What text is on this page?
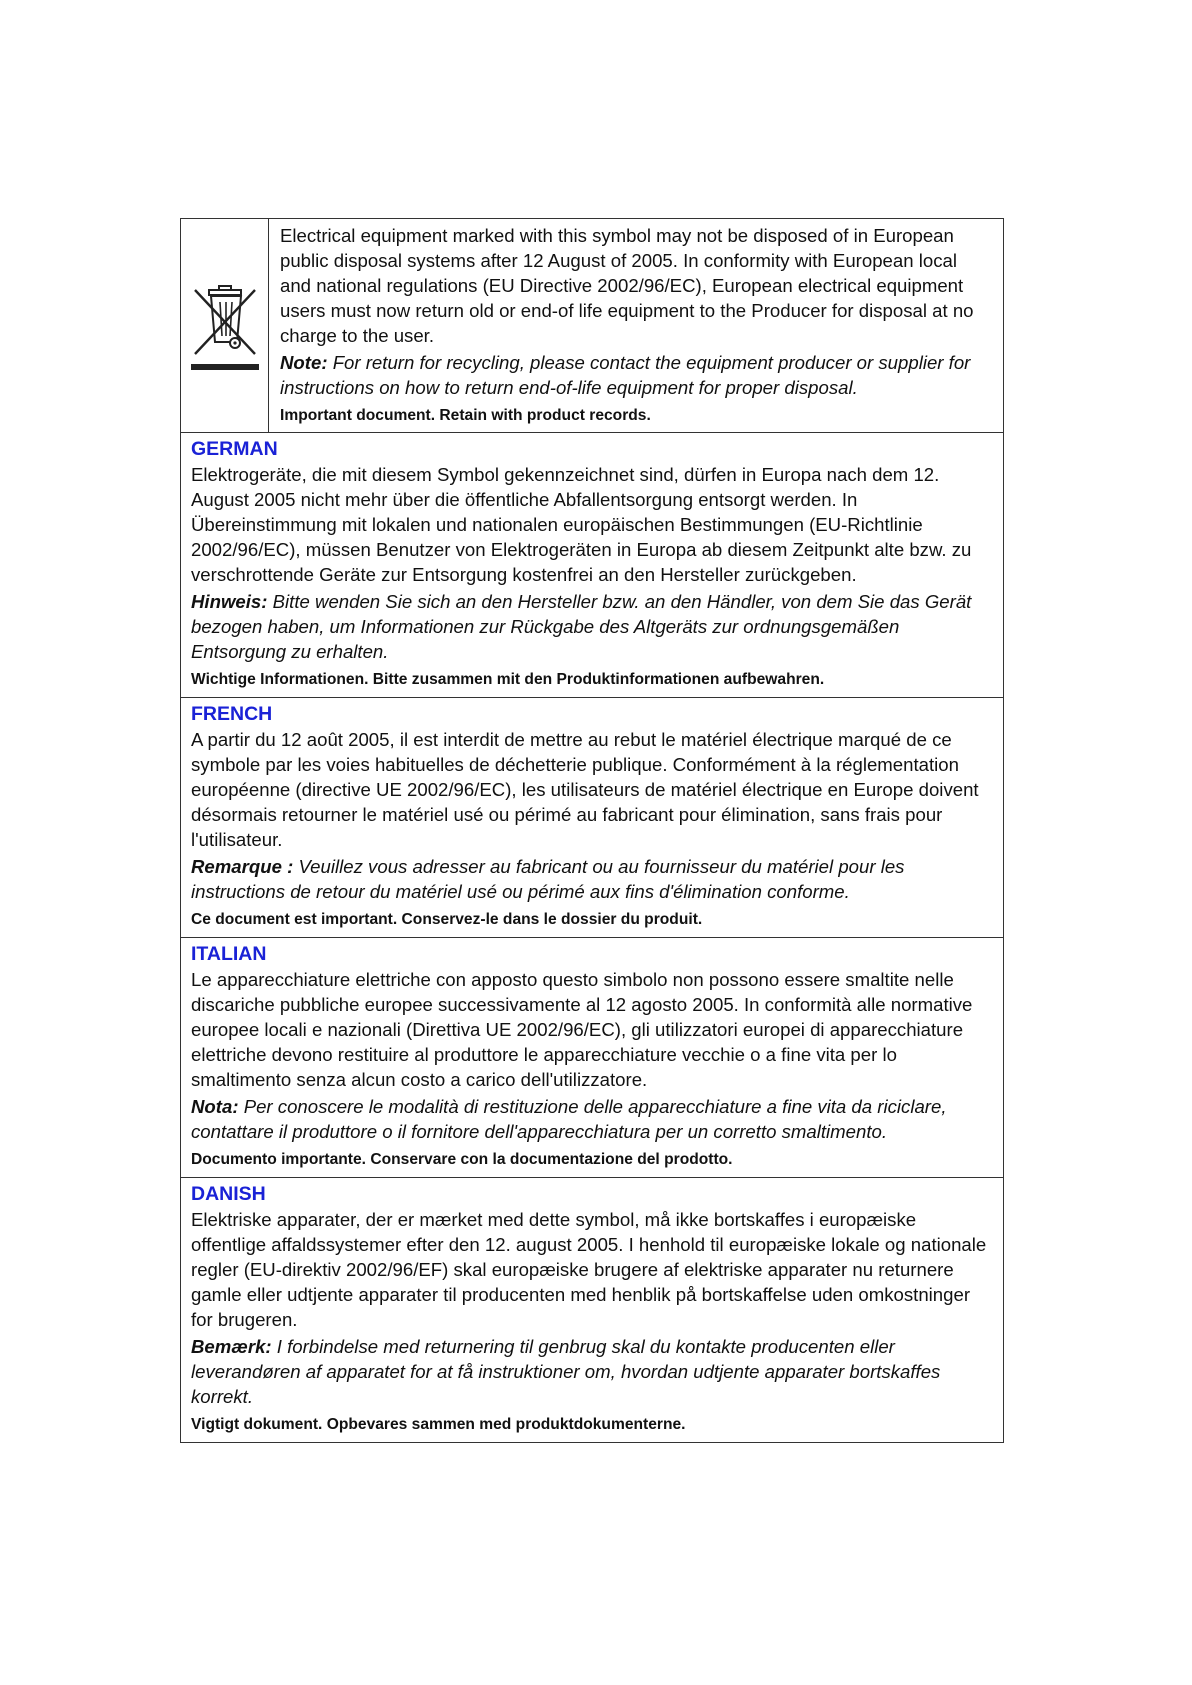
Electrical equipment marked with this symbol may not be disposed of in European public disposal systems after 12 August of 2005. In conformity with European local and national regulations (EU Directive 2002/96/EC), European electrical equipment users must now return old or end-of life equipment to the Producer for disposal at no charge to the user.

Note: For return for recycling, please contact the equipment producer or supplier for instructions on how to return end-of-life equipment for proper disposal.

Important document. Retain with product records.
GERMAN

Elektrogeräte, die mit diesem Symbol gekennzeichnet sind, dürfen in Europa nach dem 12. August 2005 nicht mehr über die öffentliche Abfallentsorgung entsorgt werden. In Übereinstimmung mit lokalen und nationalen europäischen Bestimmungen (EU-Richtlinie 2002/96/EC), müssen Benutzer von Elektrogeräten in Europa ab diesem Zeitpunkt alte bzw. zu verschrottende Geräte zur Entsorgung kostenfrei an den Hersteller zurückgeben.

Hinweis: Bitte wenden Sie sich an den Hersteller bzw. an den Händler, von dem Sie das Gerät bezogen haben, um Informationen zur Rückgabe des Altgeräts zur ordnungsgemäßen Entsorgung zu erhalten.

Wichtige Informationen. Bitte zusammen mit den Produktinformationen aufbewahren.
FRENCH

A partir du 12 août 2005, il est interdit de mettre au rebut le matériel électrique marqué de ce symbole par les voies habituelles de déchetterie publique. Conformément à la réglementation européenne (directive UE 2002/96/EC), les utilisateurs de matériel électrique en Europe doivent désormais retourner le matériel usé ou périmé au fabricant pour élimination, sans frais pour l'utilisateur.

Remarque : Veuillez vous adresser au fabricant ou au fournisseur du matériel pour les instructions de retour du matériel usé ou périmé aux fins d'élimination conforme.

Ce document est important. Conservez-le dans le dossier du produit.
ITALIAN

Le apparecchiature elettriche con apposto questo simbolo non possono essere smaltite nelle discariche pubbliche europee successivamente al 12 agosto 2005. In conformità alle normative europee locali e nazionali (Direttiva UE 2002/96/EC), gli utilizzatori europei di apparecchiature elettriche devono restituire al produttore le apparecchiature vecchie o a fine vita per lo smaltimento senza alcun costo a carico dell'utilizzatore.

Nota: Per conoscere le modalità di restituzione delle apparecchiature a fine vita da riciclare, contattare il produttore o il fornitore dell'apparecchiatura per un corretto smaltimento.

Documento importante. Conservare con la documentazione del prodotto.
DANISH

Elektriske apparater, der er mærket med dette symbol, må ikke bortskaffes i europæiske offentlige affaldssystemer efter den 12. august 2005. I henhold til europæiske lokale og nationale regler (EU-direktiv 2002/96/EF) skal europæiske brugere af elektriske apparater nu returnere gamle eller udtjente apparater til producenten med henblik på bortskaffelse uden omkostninger for brugeren.

Bemærk: I forbindelse med returnering til genbrug skal du kontakte producenten eller leverandøren af apparatet for at få instruktioner om, hvordan udtjente apparater bortskaffes korrekt.

Vigtigt dokument. Opbevares sammen med produktdokumenterne.
